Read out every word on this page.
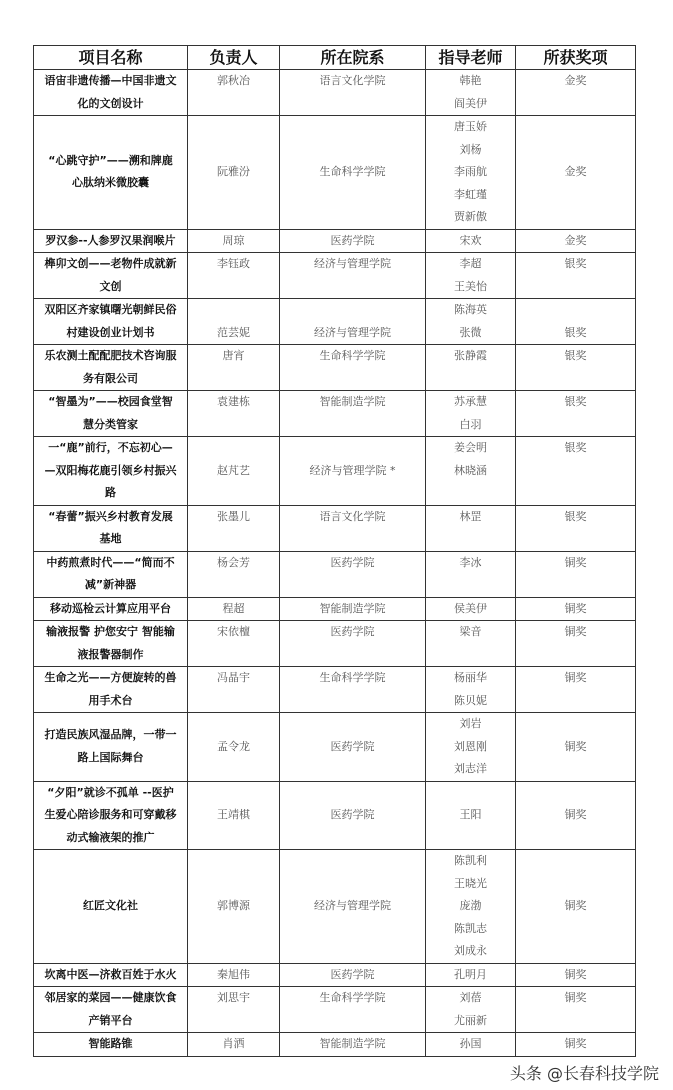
项目名称	负责人	所在院系	指导老师	所获奖项

语宙非遗传播—中国非遗文
化的文创设计	郭秋冶	语言文化学院	韩艳
阎美伊	金奖

“心跳守护”——溯和牌鹿
心肽纳米微胶囊	阮雅汾	生命科学学院	唐玉娇
刘杨
李雨航
李虹瑾
贾新傲	金奖

罗汉参--人参罗汉果润喉片	周琼	医药学院	宋欢	金奖

榫卯文创——老物件成就新
文创	李钰政	经济与管理学院	李超
王美怡	银奖

双阳区齐家镇曙光朝鲜民俗
村建设创业计划书	范芸妮	经济与管理学院	陈海英
张微	银奖

乐农测土配配肥技术咨询服
务有限公司	唐宵	生命科学学院	张静霞	银奖

“智墨为”——校园食堂智
慧分类管家	袁建栋	智能制造学院	苏承慧
白羽	银奖

一“鹿”前行，不忘初心—
—双阳梅花鹿引领乡村振兴
路	赵芃艺	经济与管理学院 *	姜会明
林晓涵	银奖

“春蕾”振兴乡村教育发展
基地	张墨儿	语言文化学院	林罡	银奖

中药煎煮时代——“简而不
减”新神器	杨会芳	医药学院	李冰	铜奖

移动巡检云计算应用平台	程超	智能制造学院	侯美伊	铜奖

输液报警 护您安宁 智能输
液报警器制作	宋依檀	医药学院	梁音	铜奖

生命之光——方便旋转的兽
用手术台	冯晶宇	生命科学学院	杨丽华
陈贝妮	铜奖

打造民族风湿品牌，一带一
路上国际舞台	孟令龙	医药学院	刘岩
刘恩刚
刘志洋	铜奖

“夕阳”就诊不孤单 --医护
生爱心陪诊服务和可穿戴移
动式输液架的推广	王靖棋	医药学院	王阳	铜奖

红匠文化社	郭博源	经济与管理学院	陈凯利
王晓光
庞渤
陈凯志
刘成永	铜奖

坎离中医—济救百姓于水火	秦旭伟	医药学院	孔明月	铜奖

邻居家的菜园——健康饮食
产销平台	刘思宇	生命科学学院	刘蓓
尤丽新	铜奖

智能路锥	肖洒	智能制造学院	孙国	铜奖
头条 @长春科技学院
